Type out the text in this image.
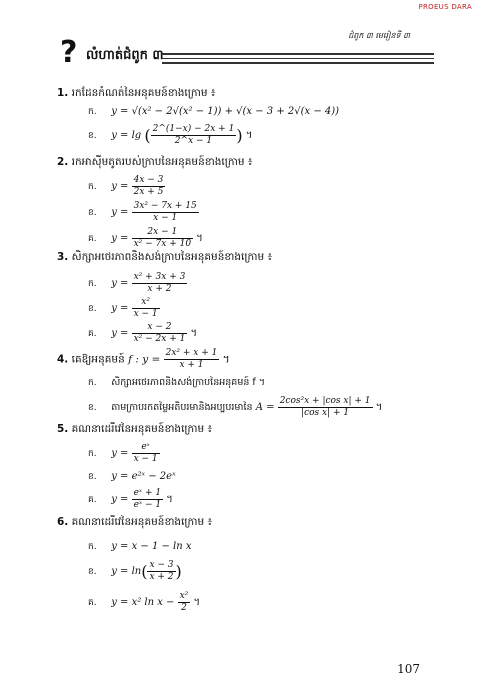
PROEUS DARA
ជំពូក ៣ មេរៀនទី ៣
? លំហាត់ជំពូក ៣
1. រកដែនកំណត់នៃអនុគមន៍ខាងក្រោម ៖
ក. y = √(x² − 2√(x² − 1)) + √(x − 3 + 2√(x − 4))
ខ. y = lg ( $\frac{2\^{}(1-x) - 2x + 1}{2\^{}x - 1}$ ) ។
2. រកអាស៊ីមតូតរបស់ក្រាបនៃអនុគមន៍ខាងក្រោម ៖
ក. $y = \frac{4x - 3}{2x + 5}$
ខ. $y = \frac{\text{3x² − 7x + 15}}{x - 1}$
គ. $y = \frac{2x - 1}{\text{x² − 7x + 10}}$ ។
3. សិក្សាអថេរភាពនិងសង់ក្រាបនៃអនុគមន៍ខាងក្រោម ៖
ក. $y = \frac{\text{x² + 3x + 3}}{x + 2}$
ខ. $y = \frac{\text{x²}}{x - 1}$
គ. $y = \frac{x - 2}{\text{x² − 2x + 1}}$ ។
4. គេឱ្យអនុគមន៍ f : $y = \frac{\text{2x² + x + 1}}{x + 1}$ ។
ក. សិក្សាអថេរភាពនិងសង់ក្រាបនៃអនុគមន៍ f ។
ខ. តាមក្រាបរកតម្លៃអតិបរមានិងអប្បបរមានៃ $A = \frac{\text{2cos²x + |cos x| + 1}}{\text{|cos x| + 1}}$ ។
5. គណនាដេរីវេនៃអនុគមន៍ខាងក្រោម ៖
ក. $y = \frac{\text{eˣ}}{x - 1}$
ខ. y = e²ˣ − 2eˣ
គ. $y = \frac{\text{eˣ + 1}}{\text{eˣ − 1}}$ ។
6. គណនាដេរីវេនៃអនុគមន៍ខាងក្រោម ៖
ក. y = x − 1 − ln x
ខ. $y = \ln( \frac{x - 3}{x + 2}$ )
គ. y = x² $\ln x - \frac{\text{x²}}{2}$ ។
107
